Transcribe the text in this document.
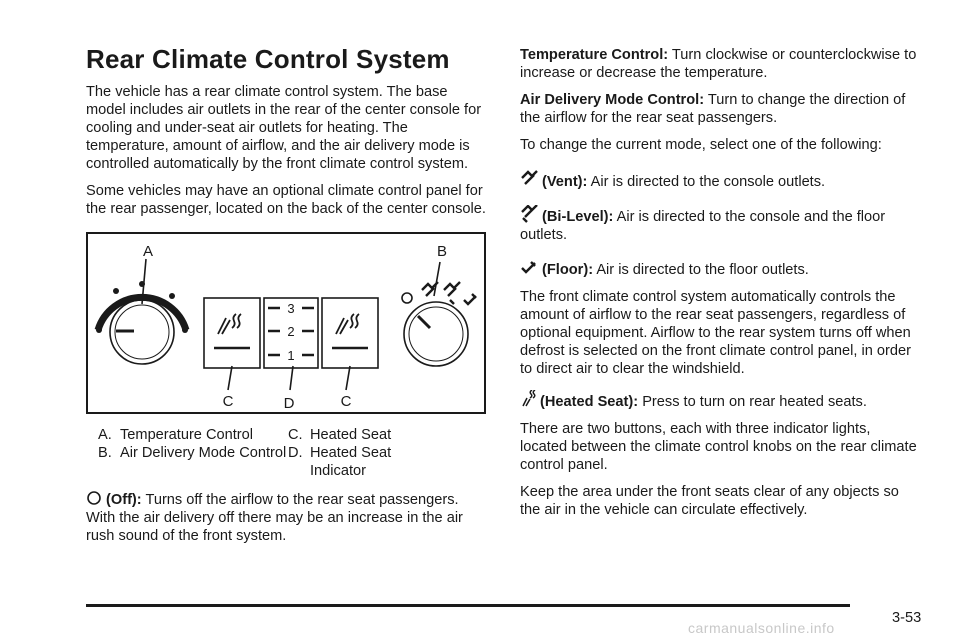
Rear Climate Control System

The vehicle has a rear climate control system. The base model includes air outlets in the rear of the center console for cooling and under-seat air outlets for heating. The temperature, amount of airflow, and the air delivery mode is controlled automatically by the front climate control system.

Some vehicles may have an optional climate control panel for the rear passenger, located on the back of the center console.

3
2
1
A	B
C	D	C
A. Temperature Control
B. Air Delivery Mode Control
C. Heated Seat
D. Heated Seat Indicator

(Off): Turns off the airflow to the rear seat passengers. With the air delivery off there may be an increase in the air rush sound of the front system.

Temperature Control: Turn clockwise or counterclockwise to increase or decrease the temperature.

Air Delivery Mode Control: Turn to change the direction of the airflow for the rear seat passengers.

To change the current mode, select one of the following:

(Vent): Air is directed to the console outlets.

(Bi-Level): Air is directed to the console and the floor outlets.

(Floor): Air is directed to the floor outlets.

The front climate control system automatically controls the amount of airflow to the rear seat passengers, regardless of optional equipment. Airflow to the rear system turns off when defrost is selected on the front climate control panel, in order to direct air to clear the windshield.

(Heated Seat): Press to turn on rear heated seats.

There are two buttons, each with three indicator lights, located between the climate control knobs on the rear climate control panel.

Keep the area under the front seats clear of any objects so the air in the vehicle can circulate effectively.

3-53
carmanualsonline.info
